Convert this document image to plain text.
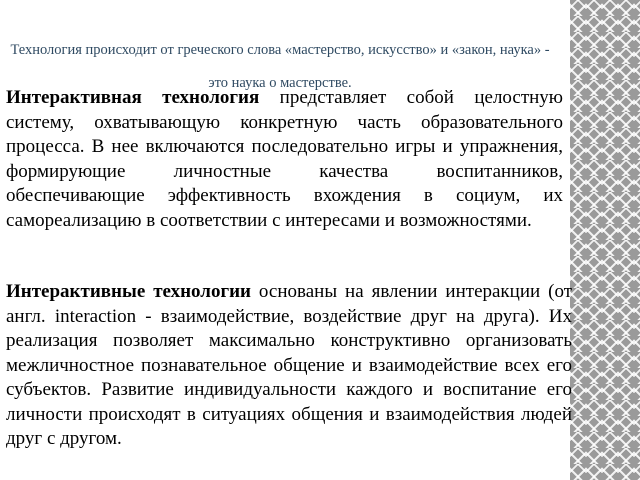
Технология происходит от греческого слова «мастерство, искусство» и «закон, наука» - это наука о мастерстве.

Интерактивная технология представляет собой целостную систему, охватывающую конкретную часть образовательного процесса. В нее включаются последовательно игры и упражнения, формирующие личностные качества воспитанников, обеспечивающие эффективность вхождения в социум, их самореализацию в соответствии с интересами и возможностями.

Интерактивные технологии основаны на явлении интеракции (от англ. interaction - взаимодействие, воздействие друг на друга). Их реализация позволяет максимально конструктивно организовать межличностное познавательное общение и взаимодействие всех его субъектов. Развитие индивидуальности каждого и воспитание его личности происходят в ситуациях общения и взаимодействия людей друг с другом.
